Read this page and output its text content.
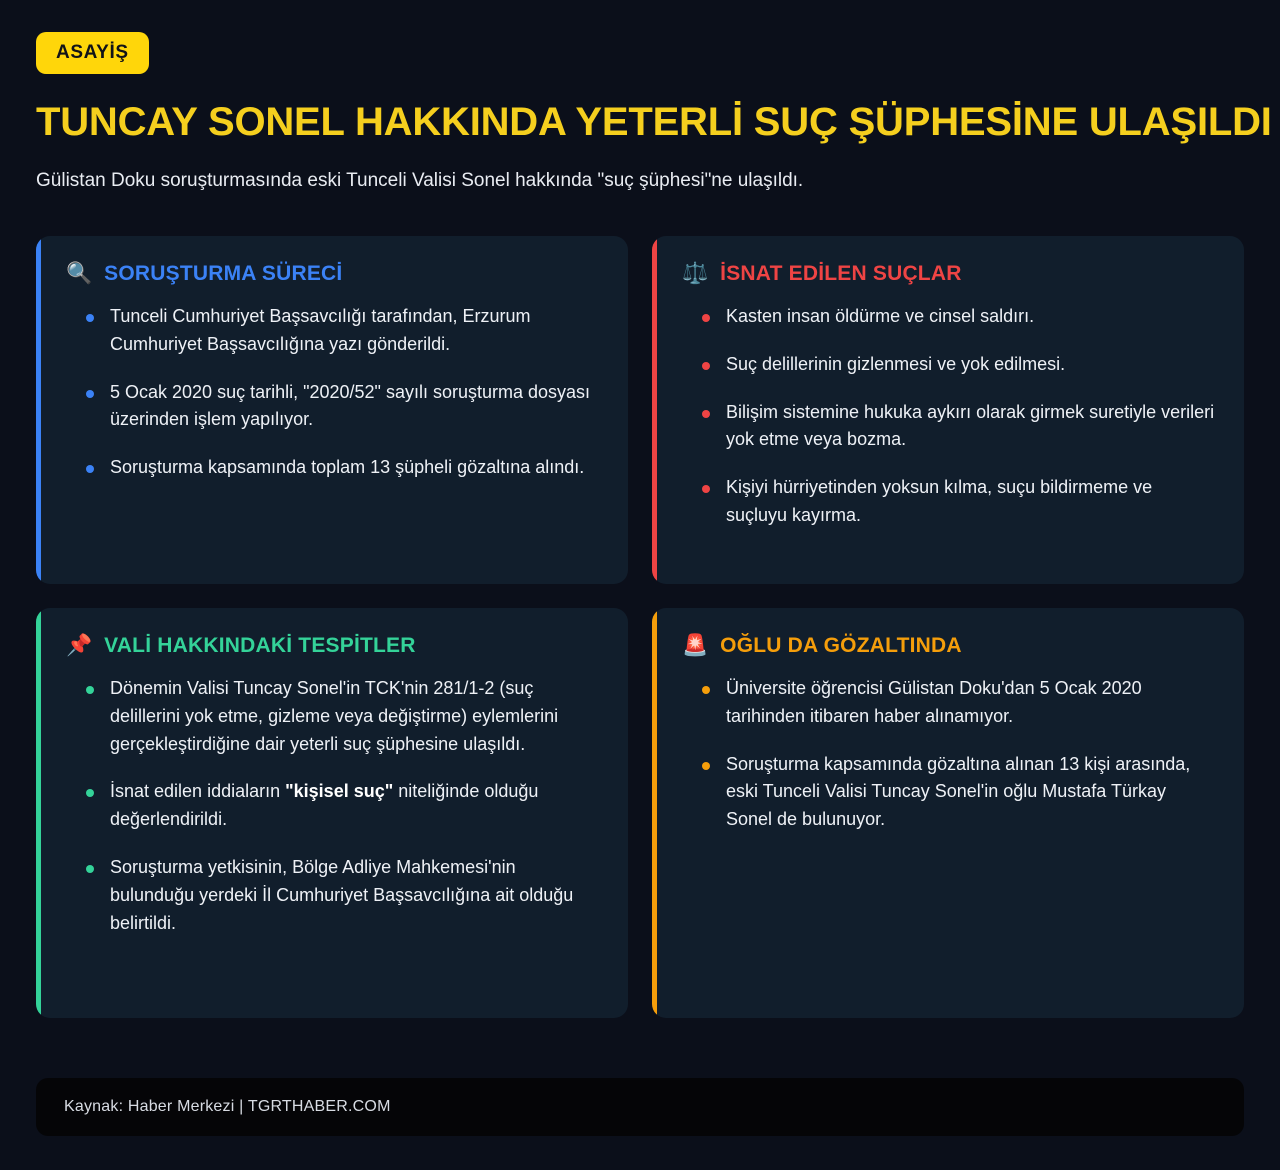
ASAYİŞ
TUNCAY SONEL HAKKINDA YETERLİ SUÇ ŞÜPHESİNE ULAŞILDI

Gülistan Doku soruşturmasında eski Tunceli Valisi Sonel hakkında "suç şüphesi"ne ulaşıldı.

🔍 SORUŞTURMA SÜRECİ
Tunceli Cumhuriyet Başsavcılığı tarafından, Erzurum Cumhuriyet Başsavcılığına yazı gönderildi.
5 Ocak 2020 suç tarihli, "2020/52" sayılı soruşturma dosyası üzerinden işlem yapılıyor.
Soruşturma kapsamında toplam 13 şüpheli gözaltına alındı.
⚖️ İSNAT EDİLEN SUÇLAR
Kasten insan öldürme ve cinsel saldırı.
Suç delillerinin gizlenmesi ve yok edilmesi.
Bilişim sistemine hukuka aykırı olarak girmek suretiyle verileri yok etme veya bozma.
Kişiyi hürriyetinden yoksun kılma, suçu bildirmeme ve suçluyu kayırma.
📌 VALİ HAKKINDAKİ TESPİTLER
Dönemin Valisi Tuncay Sonel'in TCK'nin 281/1-2 (suç delillerini yok etme, gizleme veya değiştirme) eylemlerini gerçekleştirdiğine dair yeterli suç şüphesine ulaşıldı.
İsnat edilen iddiaların "kişisel suç" niteliğinde olduğu değerlendirildi.
Soruşturma yetkisinin, Bölge Adliye Mahkemesi'nin bulunduğu yerdeki İl Cumhuriyet Başsavcılığına ait olduğu belirtildi.
🚨 OĞLU DA GÖZALTINDA
Üniversite öğrencisi Gülistan Doku'dan 5 Ocak 2020 tarihinden itibaren haber alınamıyor.
Soruşturma kapsamında gözaltına alınan 13 kişi arasında, eski Tunceli Valisi Tuncay Sonel'in oğlu Mustafa Türkay Sonel de bulunuyor.
Kaynak: Haber Merkezi | TGRTHABER.COM
